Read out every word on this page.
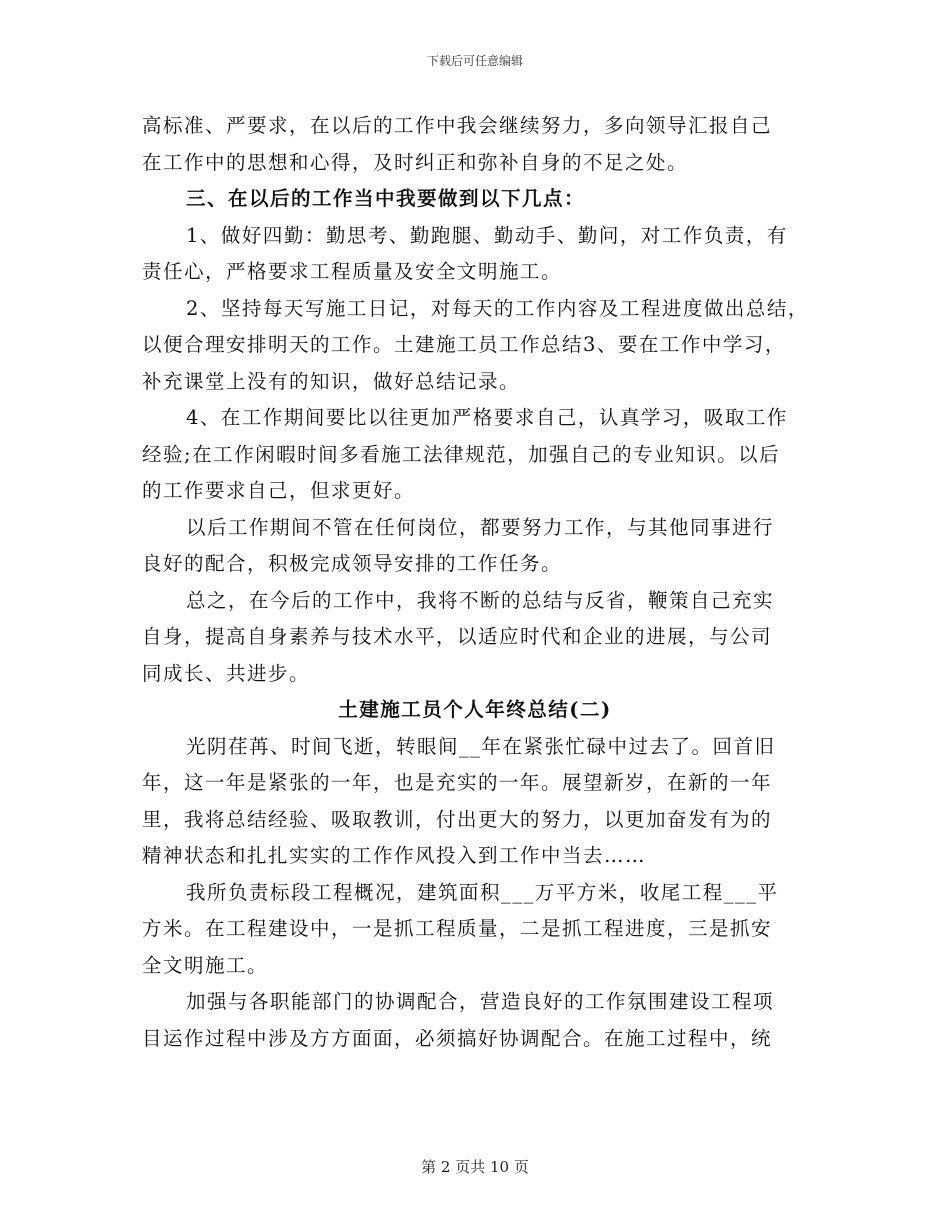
下载后可任意编辑
高标准、严要求，在以后的工作中我会继续努力，多向领导汇报自己
在工作中的思想和心得，及时纠正和弥补自身的不足之处。
三、在以后的工作当中我要做到以下几点：
1、做好四勤：勤思考、勤跑腿、勤动手、勤问，对工作负责，有
责任心，严格要求工程质量及安全文明施工。
2、坚持每天写施工日记，对每天的工作内容及工程进度做出总结，
以便合理安排明天的工作。土建施工员工作总结3、要在工作中学习，
补充课堂上没有的知识，做好总结记录。
4、在工作期间要比以往更加严格要求自己，认真学习，吸取工作
经验;在工作闲暇时间多看施工法律规范，加强自己的专业知识。以后
的工作要求自己，但求更好。
以后工作期间不管在任何岗位，都要努力工作，与其他同事进行
良好的配合，积极完成领导安排的工作任务。
总之，在今后的工作中，我将不断的总结与反省，鞭策自己充实
自身，提高自身素养与技术水平，以适应时代和企业的进展，与公司
同成长、共进步。
土建施工员个人年终总结(二)
光阴荏苒、时间飞逝，转眼间__年在紧张忙碌中过去了。回首旧
年，这一年是紧张的一年，也是充实的一年。展望新岁，在新的一年
里，我将总结经验、吸取教训，付出更大的努力，以更加奋发有为的
精神状态和扎扎实实的工作作风投入到工作中当去……
我所负责标段工程概况，建筑面积___万平方米，收尾工程___平
方米。在工程建设中，一是抓工程质量，二是抓工程进度，三是抓安
全文明施工。
加强与各职能部门的协调配合，营造良好的工作氛围建设工程项
目运作过程中涉及方方面面，必须搞好协调配合。在施工过程中，统
第 2 页共 10 页
